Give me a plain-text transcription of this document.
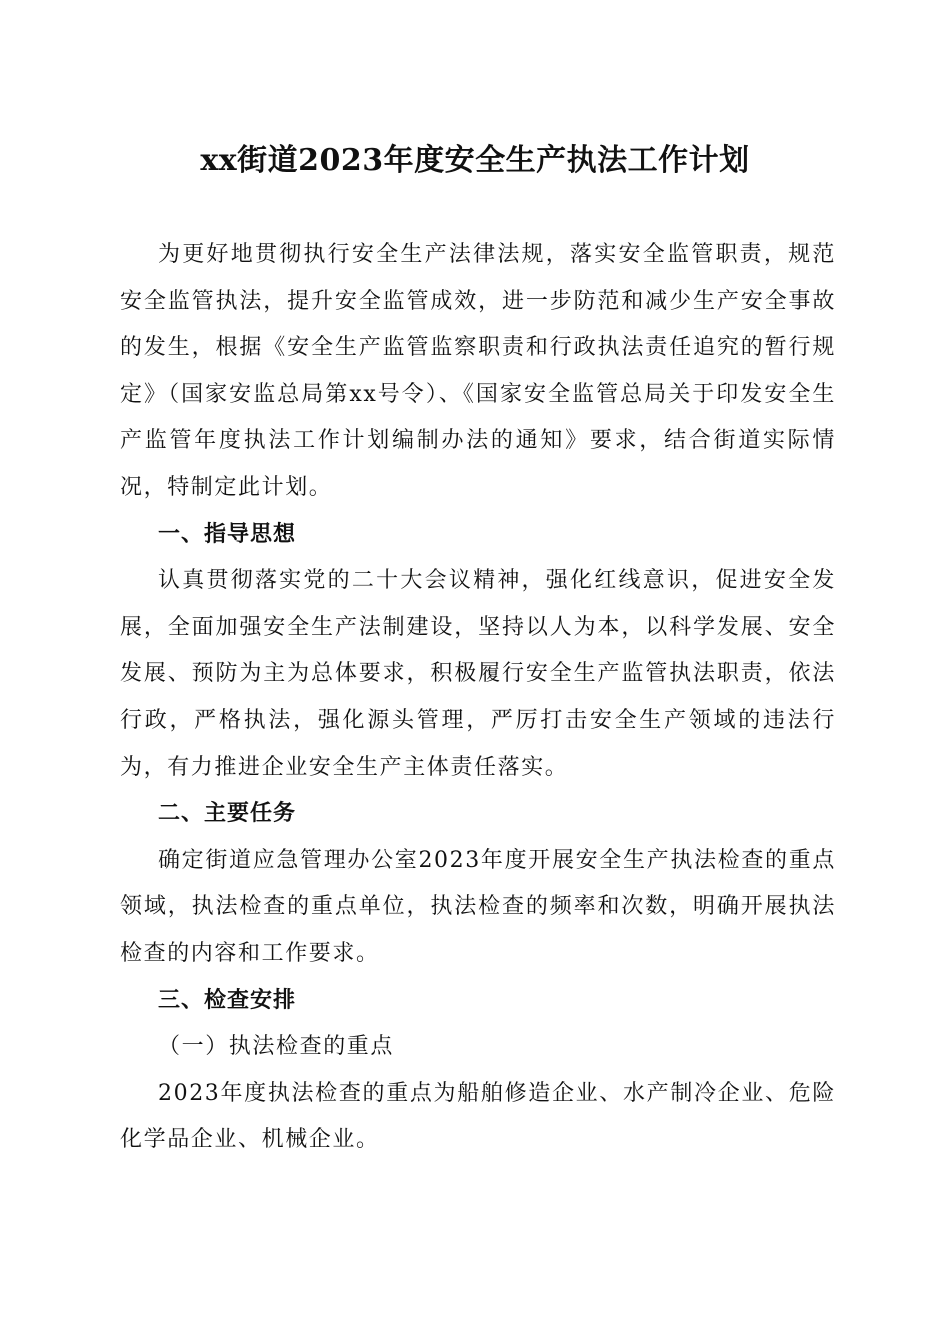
xx街道2023年度安全生产执法工作计划

为更好地贯彻执行安全生产法律法规，落实安全监管职责，规范安全监管执法，提升安全监管成效，进一步防范和减少生产安全事故的发生，根据《安全生产监管监察职责和行政执法责任追究的暂行规定》（国家安监总局第xx号令）、《国家安全监管总局关于印发安全生产监管年度执法工作计划编制办法的通知》要求，结合街道实际情况，特制定此计划。

一、指导思想

认真贯彻落实党的二十大会议精神，强化红线意识，促进安全发展，全面加强安全生产法制建设，坚持以人为本，以科学发展、安全发展、预防为主为总体要求，积极履行安全生产监管执法职责，依法行政，严格执法，强化源头管理，严厉打击安全生产领域的违法行为，有力推进企业安全生产主体责任落实。

二、主要任务

确定街道应急管理办公室2023年度开展安全生产执法检查的重点领域，执法检查的重点单位，执法检查的频率和次数，明确开展执法检查的内容和工作要求。

三、检查安排
（一）执法检查的重点

2023年度执法检查的重点为船舶修造企业、水产制冷企业、危险化学品企业、机械企业。
